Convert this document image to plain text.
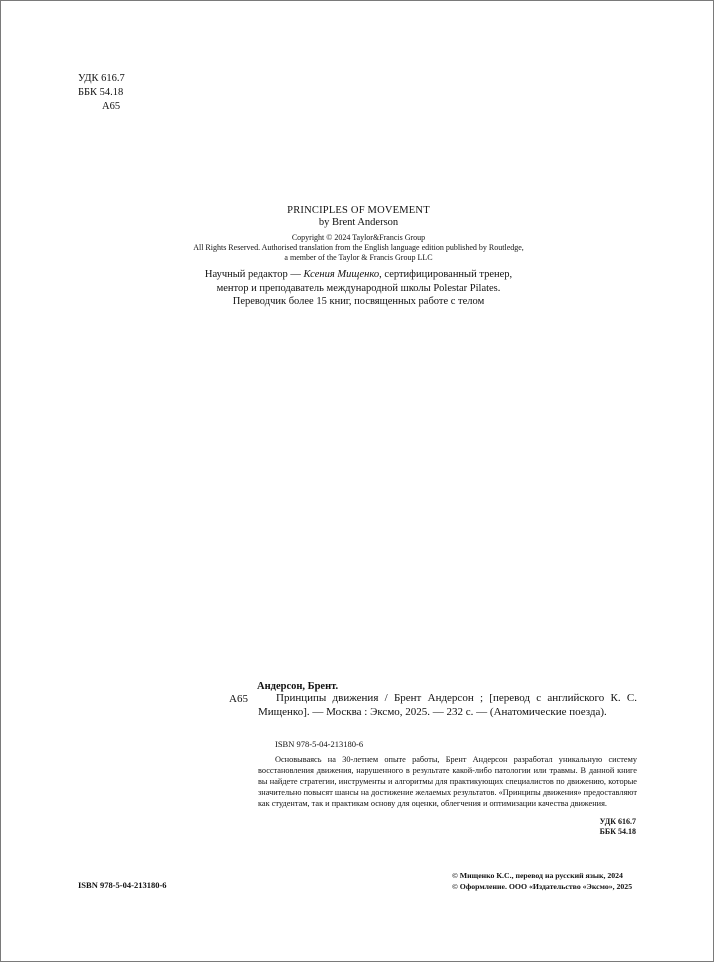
УДК 616.7
ББК 54.18
А65
PRINCIPLES OF MOVEMENT
by Brent Anderson
Copyright © 2024 Taylor&Francis Group
All Rights Reserved. Authorised translation from the English language edition published by Routledge,
a member of the Taylor & Francis Group LLC
Научный редактор — Ксения Мищенко, сертифицированный тренер,
ментор и преподаватель международной школы Polestar Pilates.
Переводчик более 15 книг, посвященных работе с телом
Андерсон, Брент.
А65	Принципы движения / Брент Андерсон ; [перевод с английского К. С. Мищенко]. — Москва : Эксмо, 2025. — 232 с. — (Анатомические поезда).
ISBN 978-5-04-213180-6
Основываясь на 30-летнем опыте работы, Брент Андерсон разработал уникальную систему восстановления движения, нарушенного в результате какой-либо патологии или травмы. В данной книге вы найдете стратегии, инструменты и алгоритмы для практикующих специалистов по движению, которые значительно повысят шансы на достижение желаемых результатов. «Принципы движения» предоставляют как студентам, так и практикам основу для оценки, облегчения и оптимизации качества движения.
УДК 616.7
ББК 54.18
ISBN 978-5-04-213180-6
© Мищенко К.С., перевод на русский язык, 2024
© Оформление. ООО «Издательство «Эксмо», 2025
